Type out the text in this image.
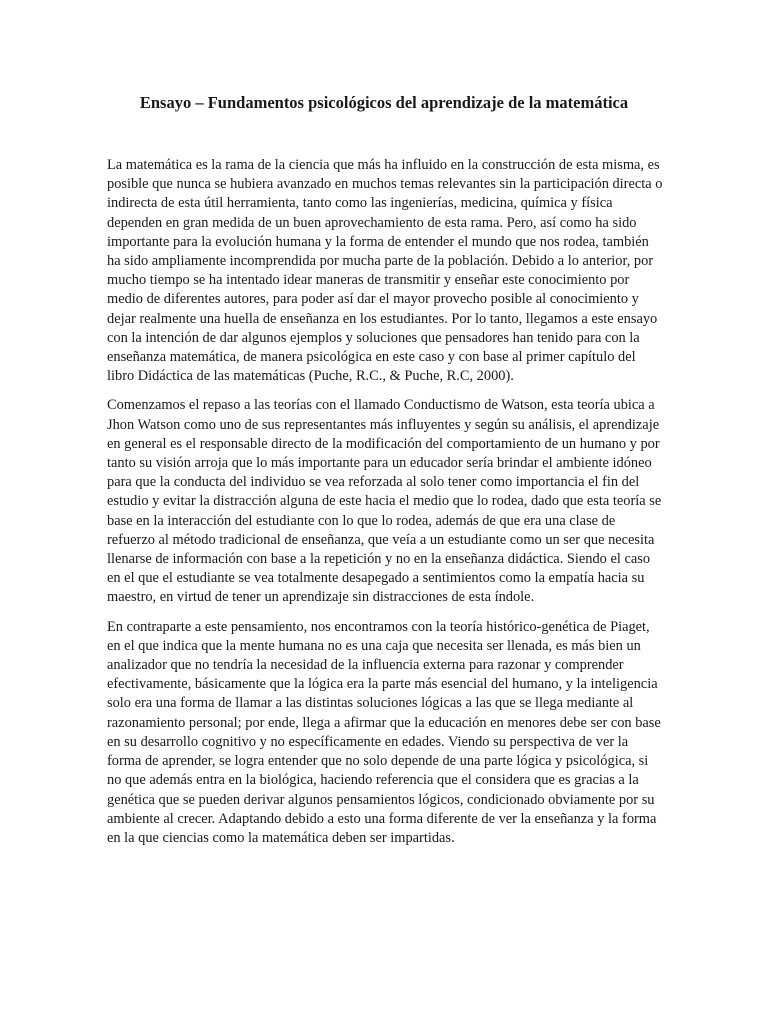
Ensayo – Fundamentos psicológicos del aprendizaje de la matemática

La matemática es la rama de la ciencia que más ha influido en la construcción de esta misma, es posible que nunca se hubiera avanzado en muchos temas relevantes sin la participación directa o indirecta de esta útil herramienta, tanto como las ingenierías, medicina, química y física dependen en gran medida de un buen aprovechamiento de esta rama. Pero, así como ha sido importante para la evolución humana y la forma de entender el mundo que nos rodea, también ha sido ampliamente incomprendida por mucha parte de la población. Debido a lo anterior, por mucho tiempo se ha intentado idear maneras de transmitir y enseñar este conocimiento por medio de diferentes autores, para poder así dar el mayor provecho posible al conocimiento y dejar realmente una huella de enseñanza en los estudiantes. Por lo tanto, llegamos a este ensayo con la intención de dar algunos ejemplos y soluciones que pensadores han tenido para con la enseñanza matemática, de manera psicológica en este caso y con base al primer capítulo del libro Didáctica de las matemáticas (Puche, R.C., & Puche, R.C, 2000).

Comenzamos el repaso a las teorías con el llamado Conductismo de Watson, esta teoría ubica a Jhon Watson como uno de sus representantes más influyentes y según su análisis, el aprendizaje en general es el responsable directo de la modificación del comportamiento de un humano y por tanto su visión arroja que lo más importante para un educador sería brindar el ambiente idóneo para que la conducta del individuo se vea reforzada al solo tener como importancia el fin del estudio y evitar la distracción alguna de este hacia el medio que lo rodea, dado que esta teoría se base en la interacción del estudiante con lo que lo rodea, además de que era una clase de refuerzo al método tradicional de enseñanza, que veía a un estudiante como un ser que necesita llenarse de información con base a la repetición y no en la enseñanza didáctica. Siendo el caso en el que el estudiante se vea totalmente desapegado a sentimientos como la empatía hacia su maestro, en virtud de tener un aprendizaje sin distracciones de esta índole.

En contraparte a este pensamiento, nos encontramos con la teoría histórico-genética de Piaget, en el que indica que la mente humana no es una caja que necesita ser llenada, es más bien un analizador que no tendría la necesidad de la influencia externa para razonar y comprender efectivamente, básicamente que la lógica era la parte más esencial del humano, y la inteligencia solo era una forma de llamar a las distintas soluciones lógicas a las que se llega mediante al razonamiento personal; por ende, llega a afirmar que la educación en menores debe ser con base en su desarrollo cognitivo y no específicamente en edades. Viendo su perspectiva de ver la forma de aprender, se logra entender que no solo depende de una parte lógica y psicológica, si no que además entra en la biológica, haciendo referencia que el considera que es gracias a la genética que se pueden derivar algunos pensamientos lógicos, condicionado obviamente por su ambiente al crecer. Adaptando debido a esto una forma diferente de ver la enseñanza y la forma en la que ciencias como la matemática deben ser impartidas.
